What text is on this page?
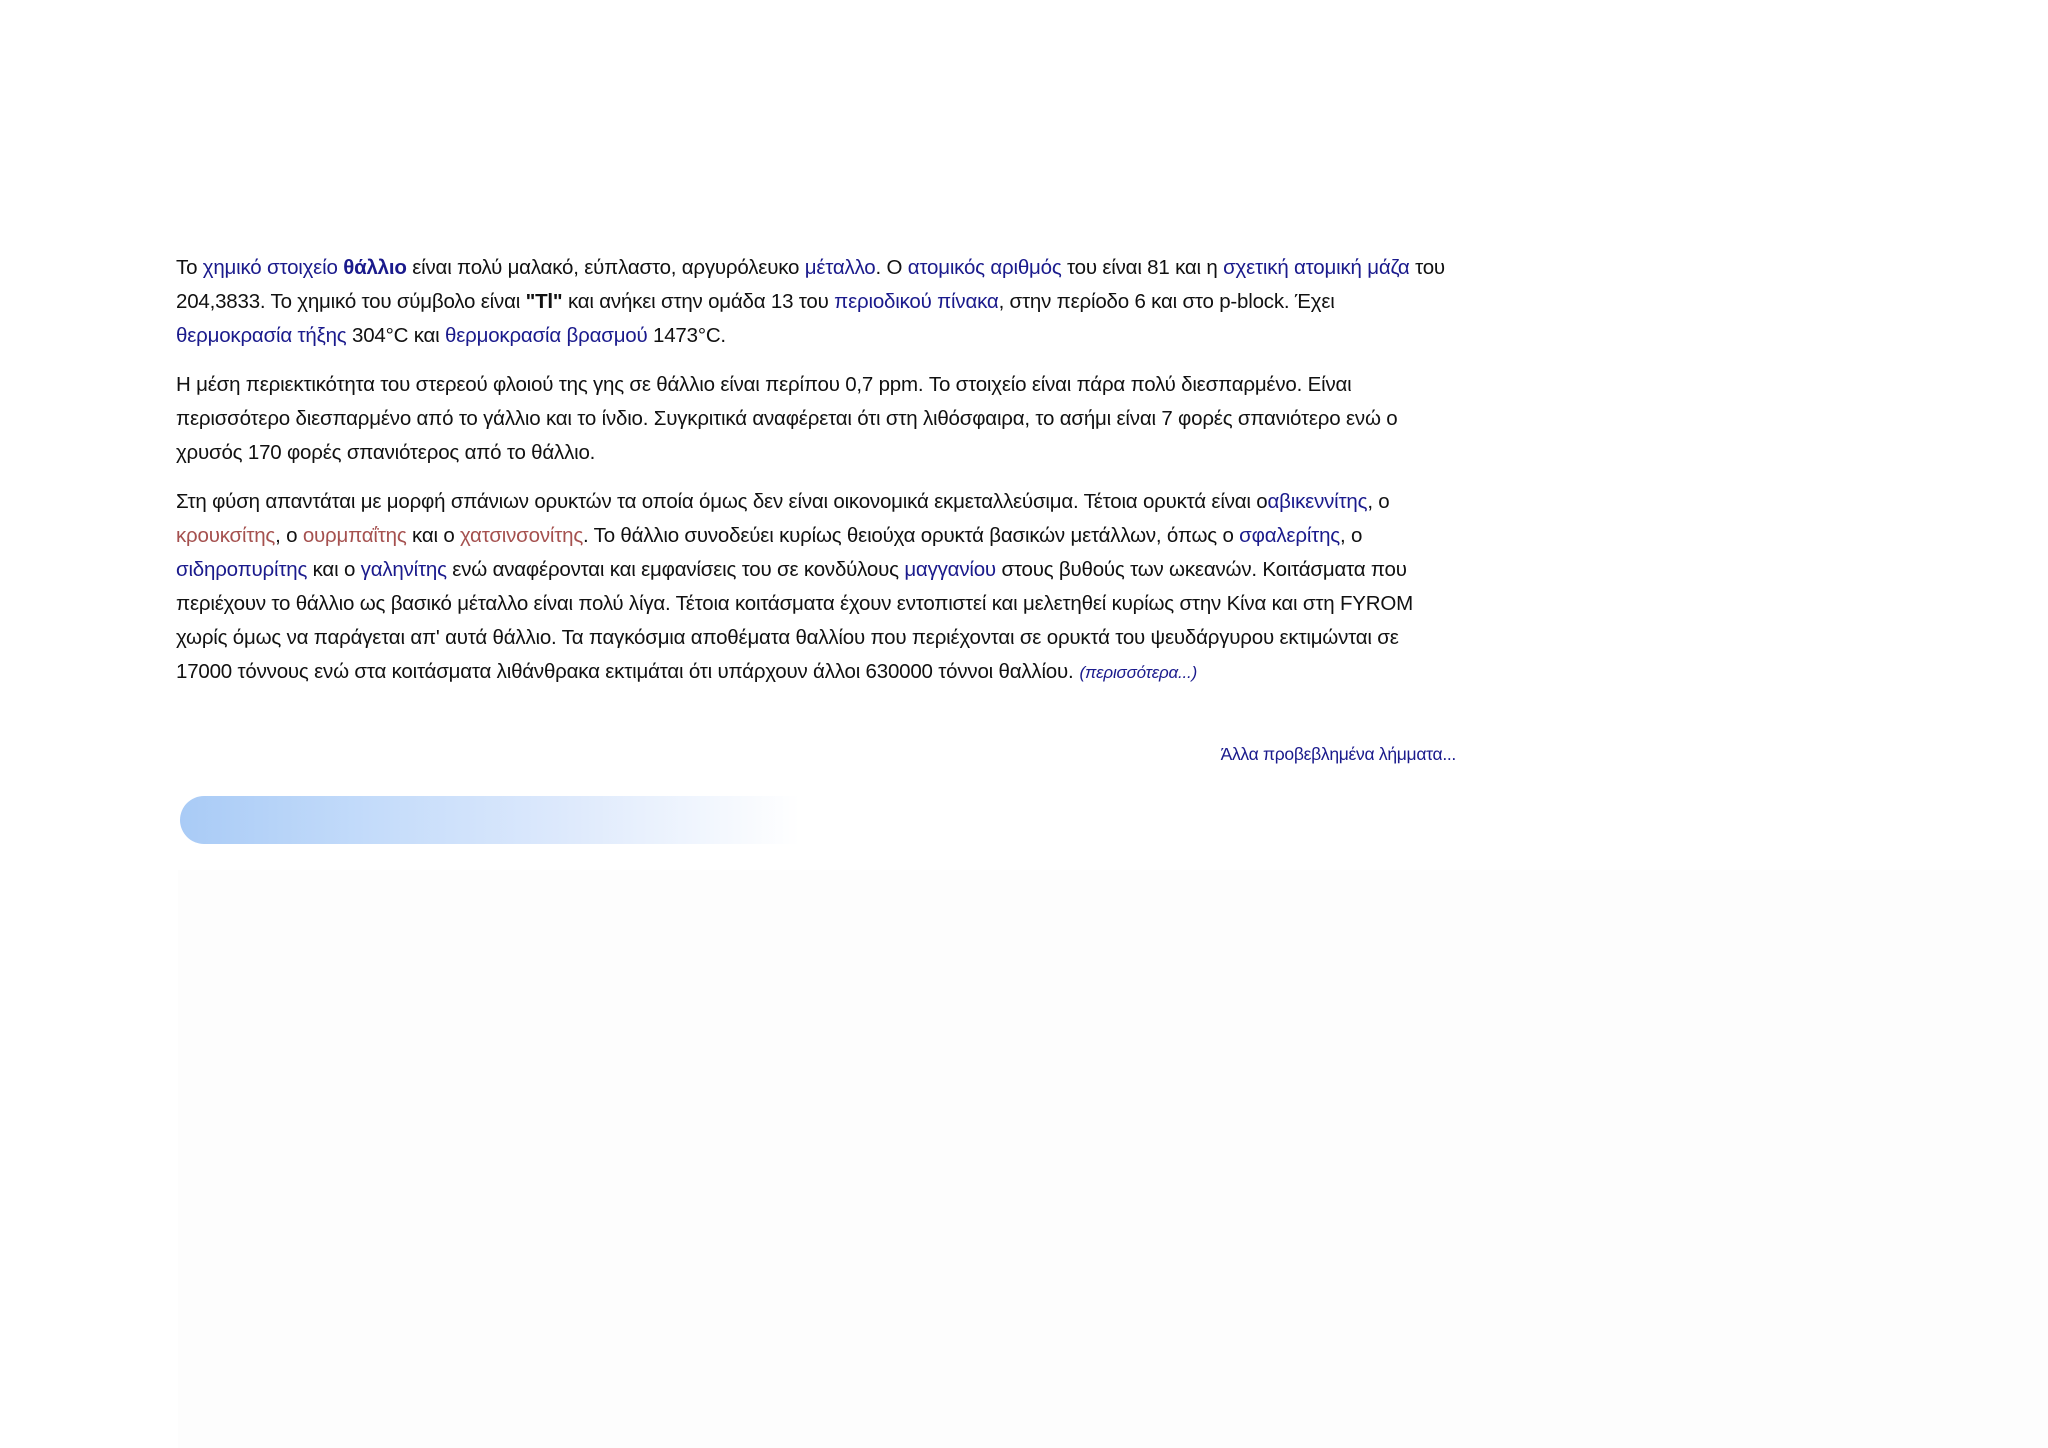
Το χημικό στοιχείο θάλλιο είναι πολύ μαλακό, εύπλαστο, αργυρόλευκο μέταλλο. Ο ατομικός αριθμός του είναι 81 και η σχετική ατομική μάζα του 204,3833. Το χημικό του σύμβολο είναι "Tl" και ανήκει στην ομάδα 13 του περιοδικού πίνακα, στην περίοδο 6 και στο p-block. Έχει θερμοκρασία τήξης 304°C και θερμοκρασία βρασμού 1473°C.

Η μέση περιεκτικότητα του στερεού φλοιού της γης σε θάλλιο είναι περίπου 0,7 ppm. Το στοιχείο είναι πάρα πολύ διεσπαρμένο. Είναι περισσότερο διεσπαρμένο από το γάλλιο και το ίνδιο. Συγκριτικά αναφέρεται ότι στη λιθόσφαιρα, το ασήμι είναι 7 φορές σπανιότερο ενώ ο χρυσός 170 φορές σπανιότερος από το θάλλιο.

Στη φύση απαντάται με μορφή σπάνιων ορυκτών τα οποία όμως δεν είναι οικονομικά εκμεταλλεύσιμα. Τέτοια ορυκτά είναι οαβικεννίτης, ο κρουκσίτης, ο ουρμπαΐτης και ο χατσινσονίτης. Το θάλλιο συνοδεύει κυρίως θειούχα ορυκτά βασικών μετάλλων, όπως ο σφαλερίτης, ο σιδηροπυρίτης και ο γαληνίτης ενώ αναφέρονται και εμφανίσεις του σε κονδύλους μαγγανίου στους βυθούς των ωκεανών. Κοιτάσματα που περιέχουν το θάλλιο ως βασικό μέταλλο είναι πολύ λίγα. Τέτοια κοιτάσματα έχουν εντοπιστεί και μελετηθεί κυρίως στην Κίνα και στη FYROM χωρίς όμως να παράγεται απ' αυτά θάλλιο. Τα παγκόσμια αποθέματα θαλλίου που περιέχονται σε ορυκτά του ψευδάργυρου εκτιμώνται σε 17000 τόννους ενώ στα κοιτάσματα λιθάνθρακα εκτιμάται ότι υπάρχουν άλλοι 630000 τόννοι θαλλίου. (περισσότερα...)

Άλλα προβεβλημένα λήμματα...
